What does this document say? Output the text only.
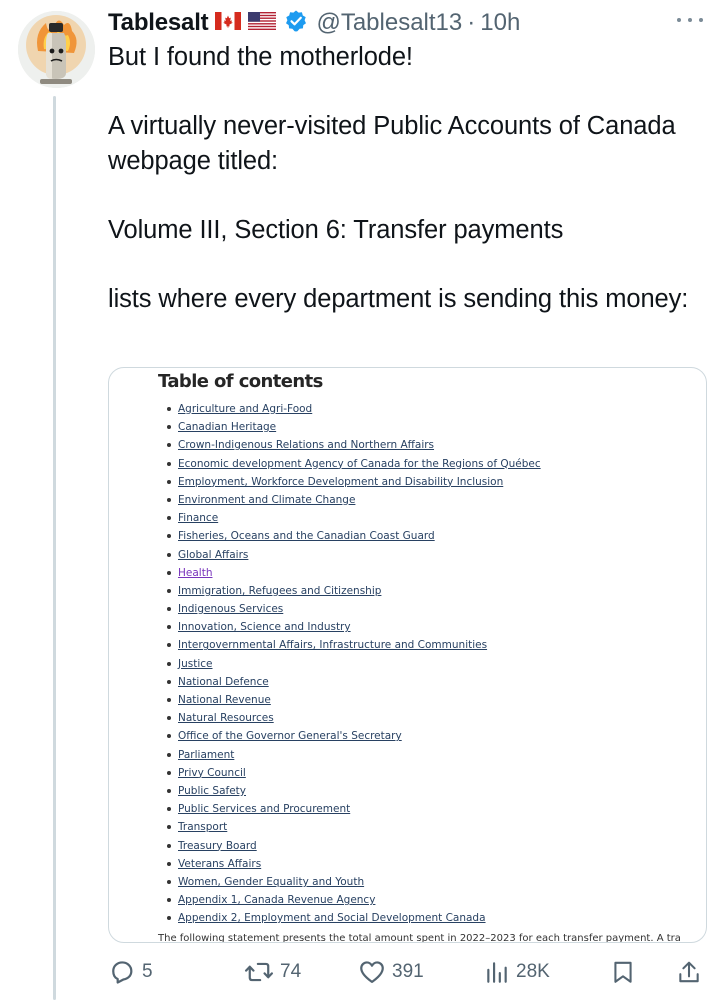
Tablesalt	@Tablesalt13 · 10h
But I found the motherlode!

A virtually never-visited Public Accounts of Canada webpage titled:

Volume III, Section 6: Transfer payments

lists where every department is sending this money:
Table of contents
Agriculture and Agri-Food
Canadian Heritage
Crown-Indigenous Relations and Northern Affairs
Economic development Agency of Canada for the Regions of Québec
Employment, Workforce Development and Disability Inclusion
Environment and Climate Change
Finance
Fisheries, Oceans and the Canadian Coast Guard
Global Affairs
Health
Immigration, Refugees and Citizenship
Indigenous Services
Innovation, Science and Industry
Intergovernmental Affairs, Infrastructure and Communities
Justice
National Defence
National Revenue
Natural Resources
Office of the Governor General's Secretary
Parliament
Privy Council
Public Safety
Public Services and Procurement
Transport
Treasury Board
Veterans Affairs
Women, Gender Equality and Youth
Appendix 1, Canada Revenue Agency
Appendix 2, Employment and Social Development Canada
The following statement presents the total amount spent in 2022–2023 for each transfer payment. A tra
5	74	391	28K
